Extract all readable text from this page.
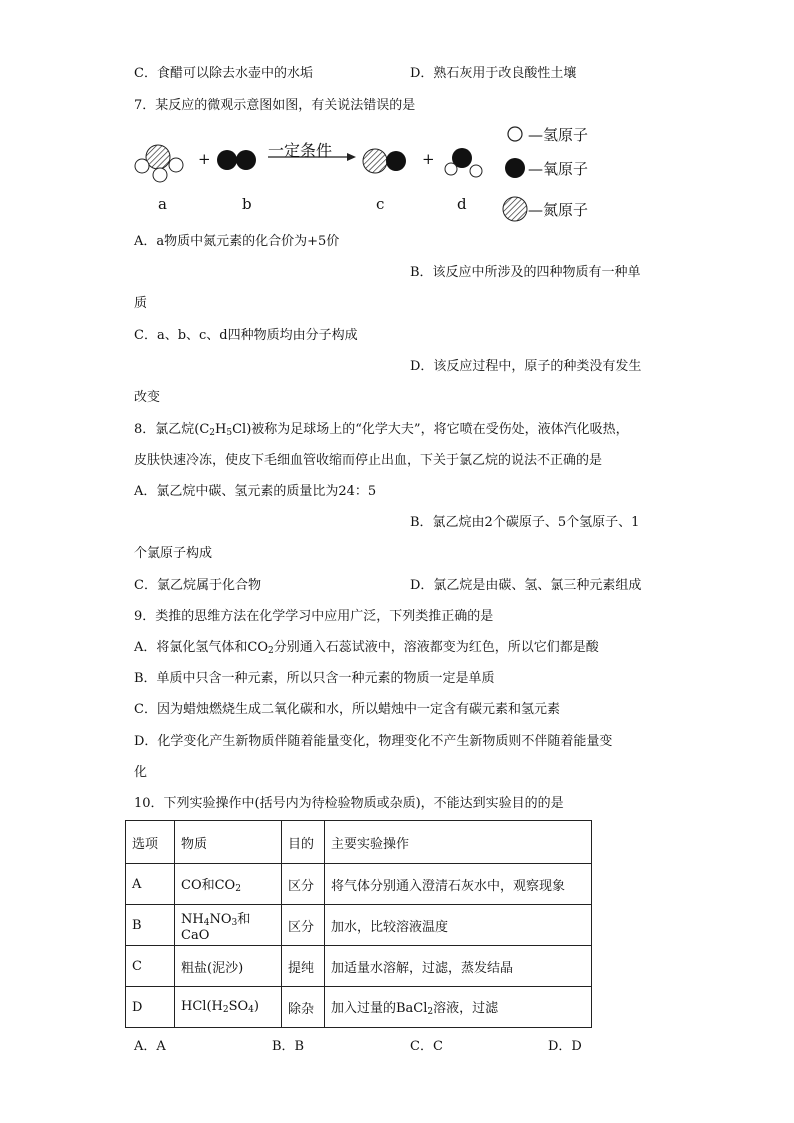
C．食醋可以除去水壶中的水垢	D．熟石灰用于改良酸性土壤
7．某反应的微观示意图如图，有关说法错误的是
+	一定条件	+
a	b	c	d
—氢原子
—氧原子
—氮原子
A．a物质中氮元素的化合价为+5价
B．该反应中所涉及的四种物质有一种单
质
C．a、b、c、d四种物质均由分子构成
D．该反应过程中，原子的种类没有发生
改变
8．氯乙烷$(C_2H_5Cl)$被称为足球场上的“化学大夫”，将它喷在受伤处，液体汽化吸热，
皮肤快速冷冻，使皮下毛细血管收缩而停止出血，下关于氯乙烷的说法不正确的是
A．氯乙烷中碳、氢元素的质量比为24：5
B．氯乙烷由2个碳原子、5个氢原子、1
个氯原子构成
C．氯乙烷属于化合物	D．氯乙烷是由碳、氢、氯三种元素组成
9．类推的思维方法在化学学习中应用广泛，下列类推正确的是
A．将氯化氢气体和$CO_2$分别通入石蕊试液中，溶液都变为红色，所以它们都是酸
B．单质中只含一种元素，所以只含一种元素的物质一定是单质
C．因为蜡烛燃烧生成二氧化碳和水，所以蜡烛中一定含有碳元素和氢元素
D．化学变化产生新物质伴随着能量变化，物理变化不产生新物质则不伴随着能量变
化
10．下列实验操作中(括号内为待检验物质或杂质)，不能达到实验目的的是
选项	物质	目的	主要实验操作
A	CO和$CO_2$	区分	将气体分别通入澄清石灰水中，观察现象
B	$NH_4NO_3$和CaO	区分	加水，比较溶液温度
C	粗盐(泥沙)	提纯	加适量水溶解，过滤，蒸发结晶
D	$HCl(H_2SO_4)$	除杂	加入过量的BaCl$_2$溶液，过滤
A．A	B．B	C．C	D．D
